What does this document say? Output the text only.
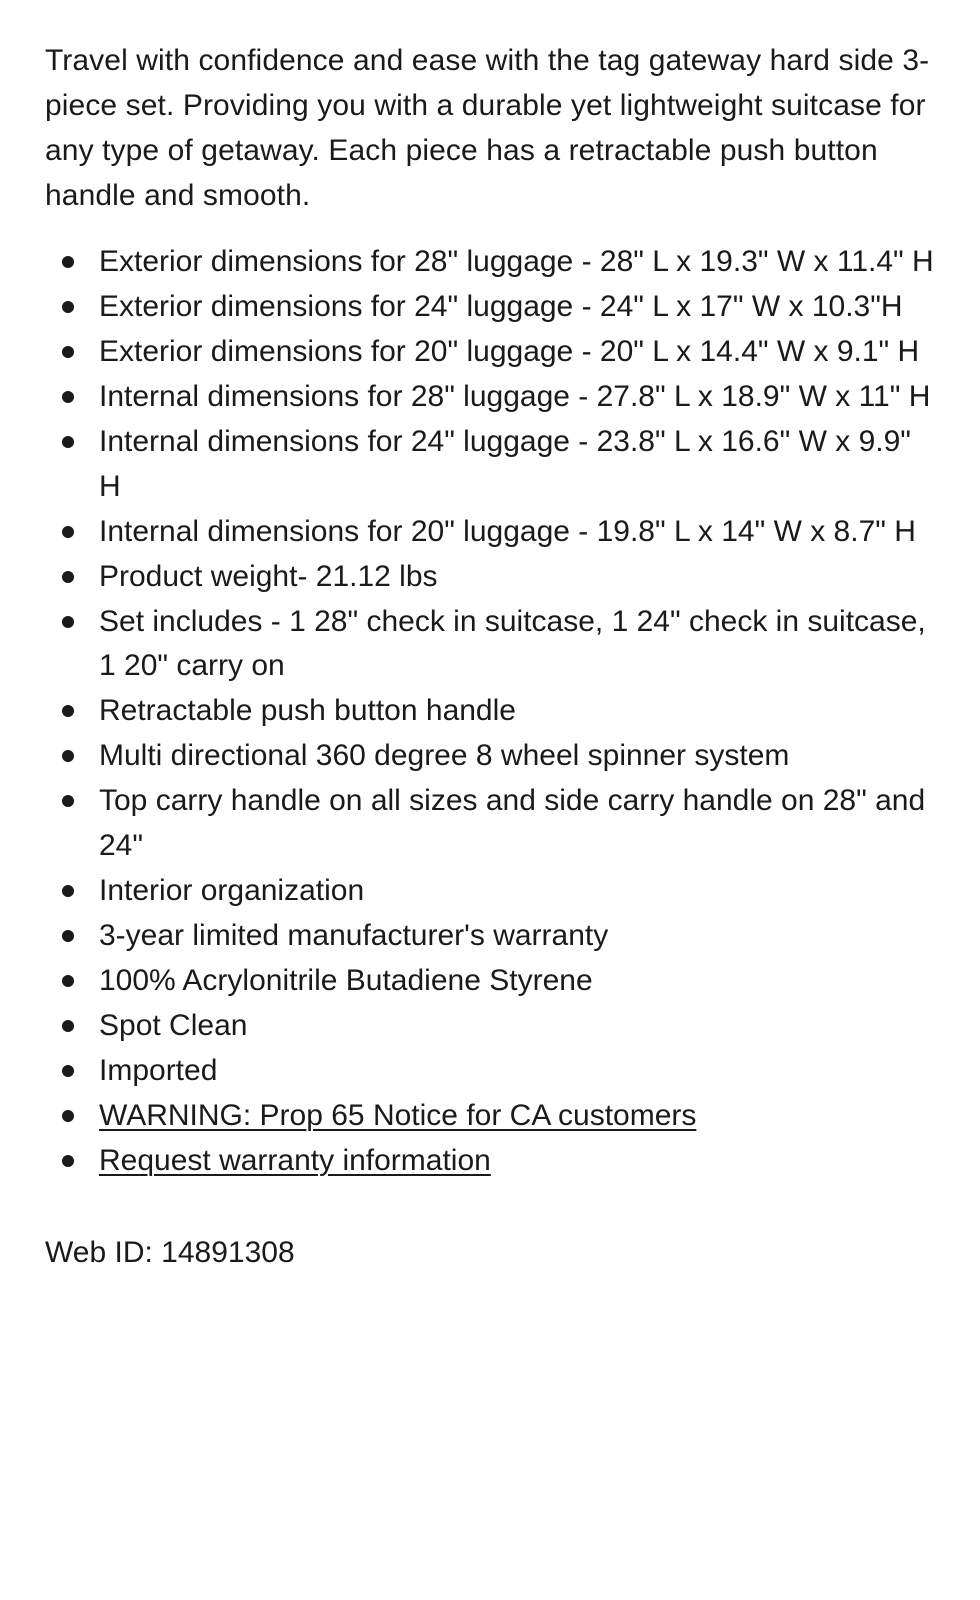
Travel with confidence and ease with the tag gateway hard side 3-piece set. Providing you with a durable yet lightweight suitcase for any type of getaway. Each piece has a retractable push button handle and smooth.

Exterior dimensions for 28" luggage - 28" L x 19.3" W x 11.4" H
Exterior dimensions for 24" luggage - 24" L x 17" W x 10.3"H
Exterior dimensions for 20" luggage - 20" L x 14.4" W x 9.1" H
Internal dimensions for 28" luggage - 27.8" L x 18.9" W x 11" H
Internal dimensions for 24" luggage - 23.8" L x 16.6" W x 9.9" H
Internal dimensions for 20" luggage - 19.8" L x 14" W x 8.7" H
Product weight- 21.12 lbs
Set includes - 1 28" check in suitcase, 1 24" check in suitcase, 1 20" carry on
Retractable push button handle
Multi directional 360 degree 8 wheel spinner system
Top carry handle on all sizes and side carry handle on 28" and 24"
Interior organization
3-year limited manufacturer's warranty
100% Acrylonitrile Butadiene Styrene
Spot Clean
Imported
WARNING: Prop 65 Notice for CA customers
Request warranty information

Web ID: 14891308
